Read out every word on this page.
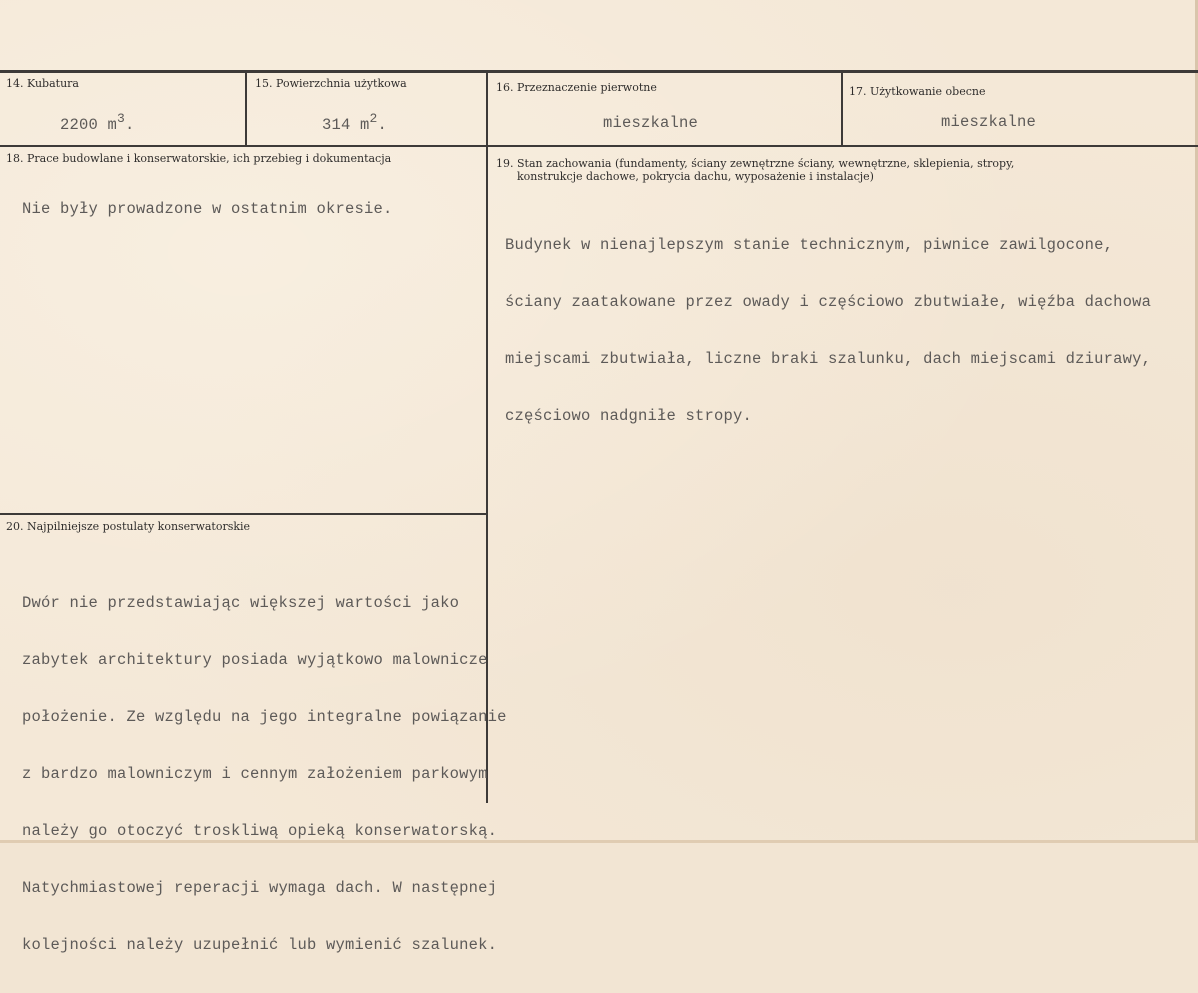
14. Kubatura
2200 $m^3$.
15. Powierzchnia użytkowa
314 $m^2$.
16. Przeznaczenie pierwotne
mieszkalne
17. Użytkowanie obecne
mieszkalne
18. Prace budowlane i konserwatorskie, ich przebieg i dokumentacja
Nie były prowadzone w ostatnim okresie.
19. Stan zachowania (fundamenty, ściany zewnętrzne ściany, wewnętrzne, sklepienia, stropy,
konstrukcje dachowe, pokrycia dachu, wyposażenie i instalacje)

Budynek w nienajlepszym stanie technicznym, piwnice zawilgocone,

ściany zaatakowane przez owady i częściowo zbutwiałe, więźba dachowa

miejscami zbutwiała, liczne braki szalunku, dach miejscami dziurawy,

częściowo nadgniłe stropy.

20. Najpilniejsze postulaty konserwatorskie

Dwór nie przedstawiając większej wartości jako

zabytek architektury posiada wyjątkowo malownicze

położenie. Ze względu na jego integralne powiązanie

z bardzo malowniczym i cennym założeniem parkowym

należy go otoczyć troskliwą opieką konserwatorską.

Natychmiastowej reperacji wymaga dach. W następnej

kolejności należy uzupełnić lub wymienić szalunek.
